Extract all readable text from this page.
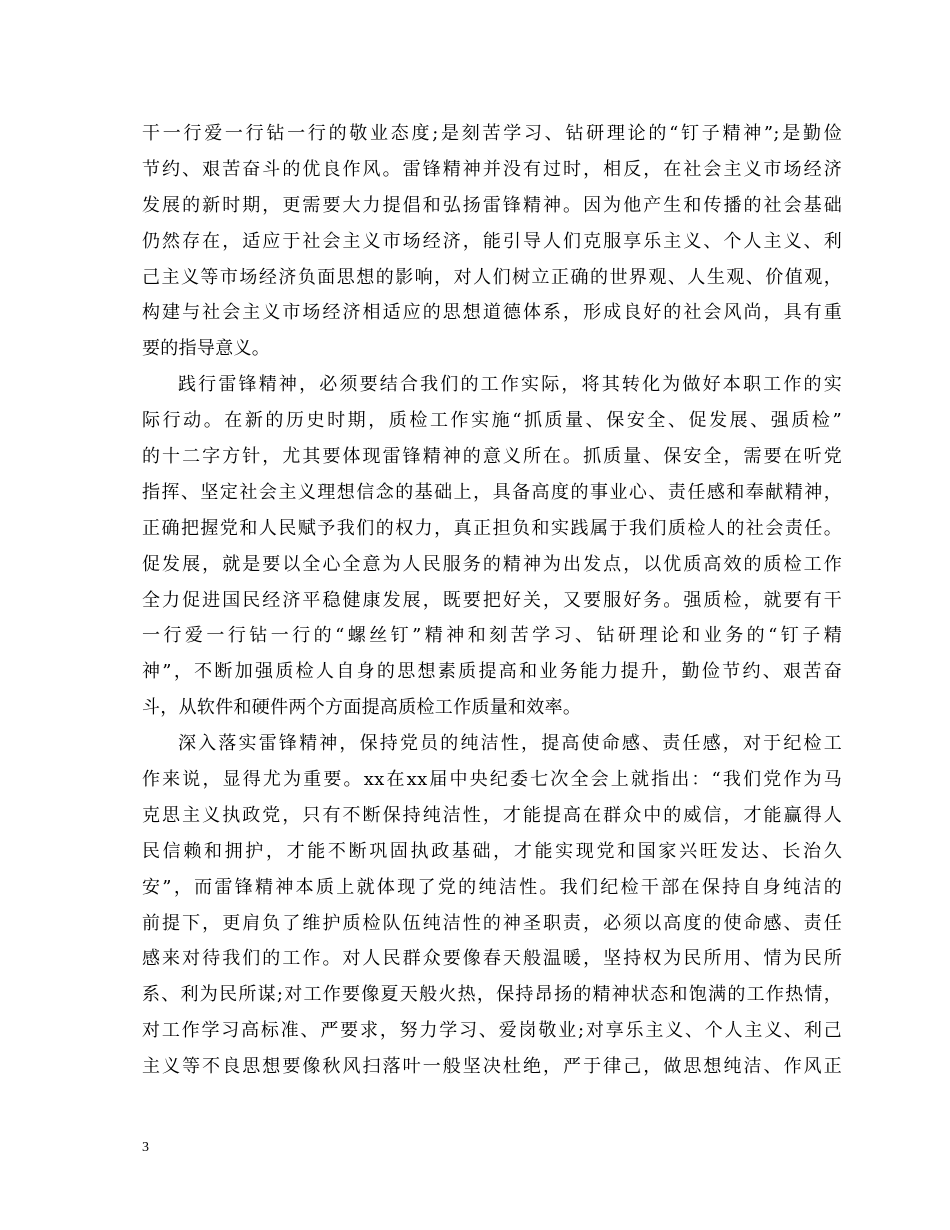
干一行爱一行钻一行的敬业态度;是刻苦学习、钻研理论的“钉子精神”;是勤俭
节约、艰苦奋斗的优良作风。雷锋精神并没有过时，相反，在社会主义市场经济
发展的新时期，更需要大力提倡和弘扬雷锋精神。因为他产生和传播的社会基础
仍然存在，适应于社会主义市场经济，能引导人们克服享乐主义、个人主义、利
己主义等市场经济负面思想的影响，对人们树立正确的世界观、人生观、价值观，
构建与社会主义市场经济相适应的思想道德体系，形成良好的社会风尚，具有重
要的指导意义。
践行雷锋精神，必须要结合我们的工作实际，将其转化为做好本职工作的实
际行动。在新的历史时期，质检工作实施“抓质量、保安全、促发展、强质检”
的十二字方针，尤其要体现雷锋精神的意义所在。抓质量、保安全，需要在听党
指挥、坚定社会主义理想信念的基础上，具备高度的事业心、责任感和奉献精神，
正确把握党和人民赋予我们的权力，真正担负和实践属于我们质检人的社会责任。
促发展，就是要以全心全意为人民服务的精神为出发点，以优质高效的质检工作
全力促进国民经济平稳健康发展，既要把好关，又要服好务。强质检，就要有干
一行爱一行钻一行的“螺丝钉”精神和刻苦学习、钻研理论和业务的“钉子精
神”，不断加强质检人自身的思想素质提高和业务能力提升，勤俭节约、艰苦奋
斗，从软件和硬件两个方面提高质检工作质量和效率。
深入落实雷锋精神，保持党员的纯洁性，提高使命感、责任感，对于纪检工
作来说，显得尤为重要。xx在xx届中央纪委七次全会上就指出：“我们党作为马
克思主义执政党，只有不断保持纯洁性，才能提高在群众中的威信，才能赢得人
民信赖和拥护，才能不断巩固执政基础，才能实现党和国家兴旺发达、长治久
安”，而雷锋精神本质上就体现了党的纯洁性。我们纪检干部在保持自身纯洁的
前提下，更肩负了维护质检队伍纯洁性的神圣职责，必须以高度的使命感、责任
感来对待我们的工作。对人民群众要像春天般温暖，坚持权为民所用、情为民所
系、利为民所谋;对工作要像夏天般火热，保持昂扬的精神状态和饱满的工作热情，
对工作学习高标准、严要求，努力学习、爱岗敬业;对享乐主义、个人主义、利己
主义等不良思想要像秋风扫落叶一般坚决杜绝，严于律己，做思想纯洁、作风正
3
